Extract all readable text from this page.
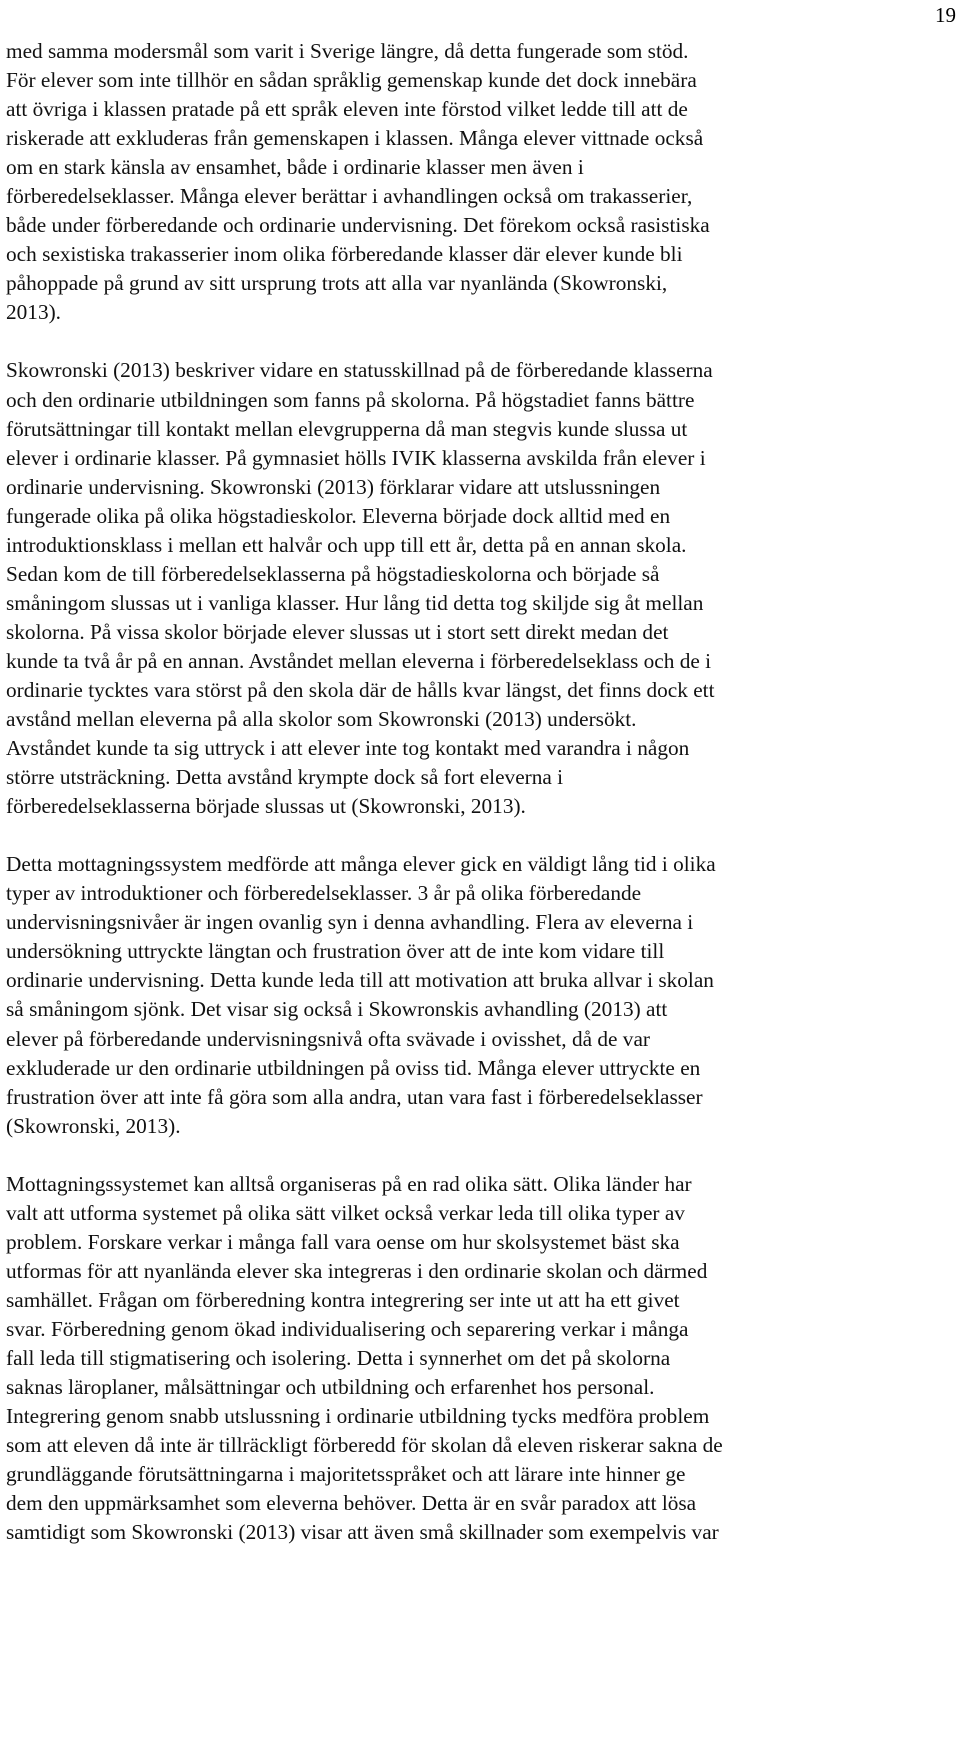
19
med samma modersmål som varit i Sverige längre, då detta fungerade som stöd.
För elever som inte tillhör en sådan språklig gemenskap kunde det dock innebära
att övriga i klassen pratade på ett språk eleven inte förstod vilket ledde till att de
riskerade att exkluderas från gemenskapen i klassen. Många elever vittnade också
om en stark känsla av ensamhet, både i ordinarie klasser men även i
förberedelseklasser. Många elever berättar i avhandlingen också om trakasserier,
både under förberedande och ordinarie undervisning. Det förekom också rasistiska
och sexistiska trakasserier inom olika förberedande klasser där elever kunde bli
påhoppade på grund av sitt ursprung trots att alla var nyanlända (Skowronski,
2013).
Skowronski (2013) beskriver vidare en statusskillnad på de förberedande klasserna
och den ordinarie utbildningen som fanns på skolorna. På högstadiet fanns bättre
förutsättningar till kontakt mellan elevgrupperna då man stegvis kunde slussa ut
elever i ordinarie klasser. På gymnasiet hölls IVIK klasserna avskilda från elever i
ordinarie undervisning. Skowronski (2013) förklarar vidare att utslussningen
fungerade olika på olika högstadieskolor. Eleverna började dock alltid med en
introduktionsklass i mellan ett halvår och upp till ett år, detta på en annan skola.
Sedan kom de till förberedelseklasserna på högstadieskolorna och började så
småningom slussas ut i vanliga klasser. Hur lång tid detta tog skiljde sig åt mellan
skolorna. På vissa skolor började elever slussas ut i stort sett direkt medan det
kunde ta två år på en annan. Avståndet mellan eleverna i förberedelseklass och de i
ordinarie tycktes vara störst på den skola där de hålls kvar längst, det finns dock ett
avstånd mellan eleverna på alla skolor som Skowronski (2013) undersökt.
Avståndet kunde ta sig uttryck i att elever inte tog kontakt med varandra i någon
större utsträckning. Detta avstånd krympte dock så fort eleverna i
förberedelseklasserna började slussas ut (Skowronski, 2013).
Detta mottagningssystem medförde att många elever gick en väldigt lång tid i olika
typer av introduktioner och förberedelseklasser. 3 år på olika förberedande
undervisningsnivåer är ingen ovanlig syn i denna avhandling. Flera av eleverna i
undersökning uttryckte längtan och frustration över att de inte kom vidare till
ordinarie undervisning. Detta kunde leda till att motivation att bruka allvar i skolan
så småningom sjönk. Det visar sig också i Skowronskis avhandling (2013) att
elever på förberedande undervisningsnivå ofta svävade i ovisshet, då de var
exkluderade ur den ordinarie utbildningen på oviss tid. Många elever uttryckte en
frustration över att inte få göra som alla andra, utan vara fast i förberedelseklasser
(Skowronski, 2013).
Mottagningssystemet kan alltså organiseras på en rad olika sätt. Olika länder har
valt att utforma systemet på olika sätt vilket också verkar leda till olika typer av
problem. Forskare verkar i många fall vara oense om hur skolsystemet bäst ska
utformas för att nyanlända elever ska integreras i den ordinarie skolan och därmed
samhället. Frågan om förberedning kontra integrering ser inte ut att ha ett givet
svar. Förberedning genom ökad individualisering och separering verkar i många
fall leda till stigmatisering och isolering. Detta i synnerhet om det på skolorna
saknas läroplaner, målsättningar och utbildning och erfarenhet hos personal.
Integrering genom snabb utslussning i ordinarie utbildning tycks medföra problem
som att eleven då inte är tillräckligt förberedd för skolan då eleven riskerar sakna de
grundläggande förutsättningarna i majoritetsspråket och att lärare inte hinner ge
dem den uppmärksamhet som eleverna behöver. Detta är en svår paradox att lösa
samtidigt som Skowronski (2013) visar att även små skillnader som exempelvis var
